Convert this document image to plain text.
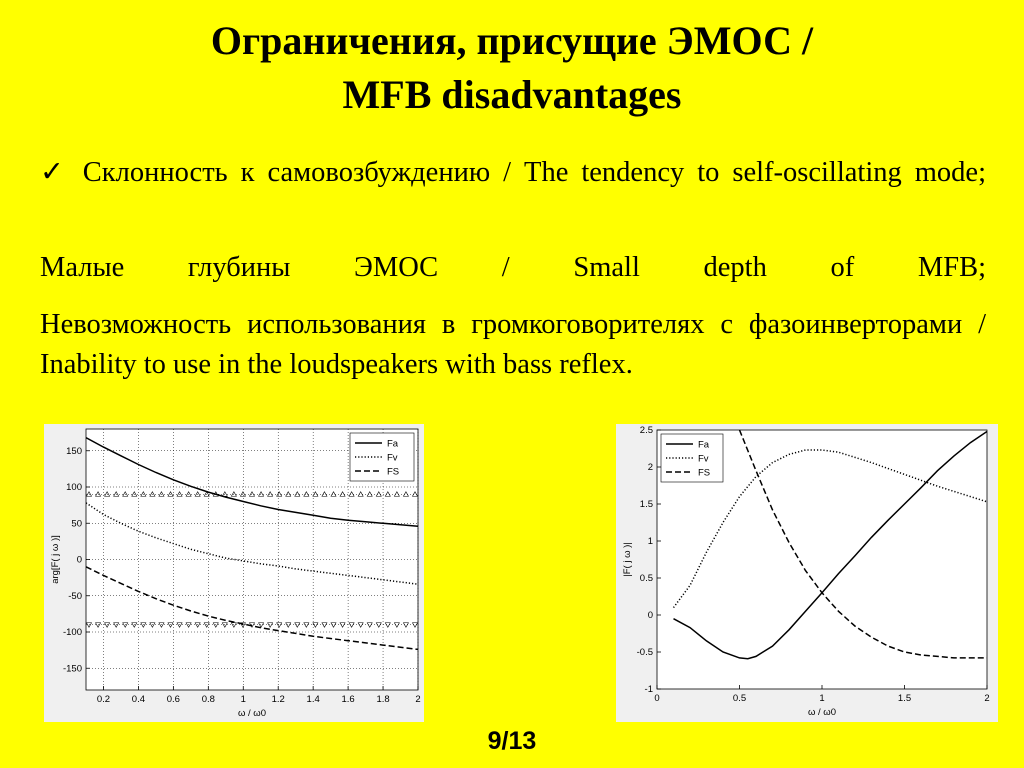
Ограничения, присущие ЭМОС /
MFB disadvantages
✓ Склонность к самовозбуждению / The tendency to self-oscillating mode;
Малые глубины ЭМОС / Small depth of MFB;
Невозможность использования в громкоговорителях с фазоинверторами / Inability to use in the loudspeakers with bass reflex.
0.2 0.4 0.6 0.8	1	1.2 1.4 1.6 1.8	2
-150
-100
-50
0
50
100
150
ω / ω0
arg[F( j ω )]
Fa
Fv
FS
0	0.5	1	1.5	2
-1
-0.5
0
0.5
1
1.5
2
2.5
ω / ω0
|F( j ω )|
Fa
Fv
FS
9/13
